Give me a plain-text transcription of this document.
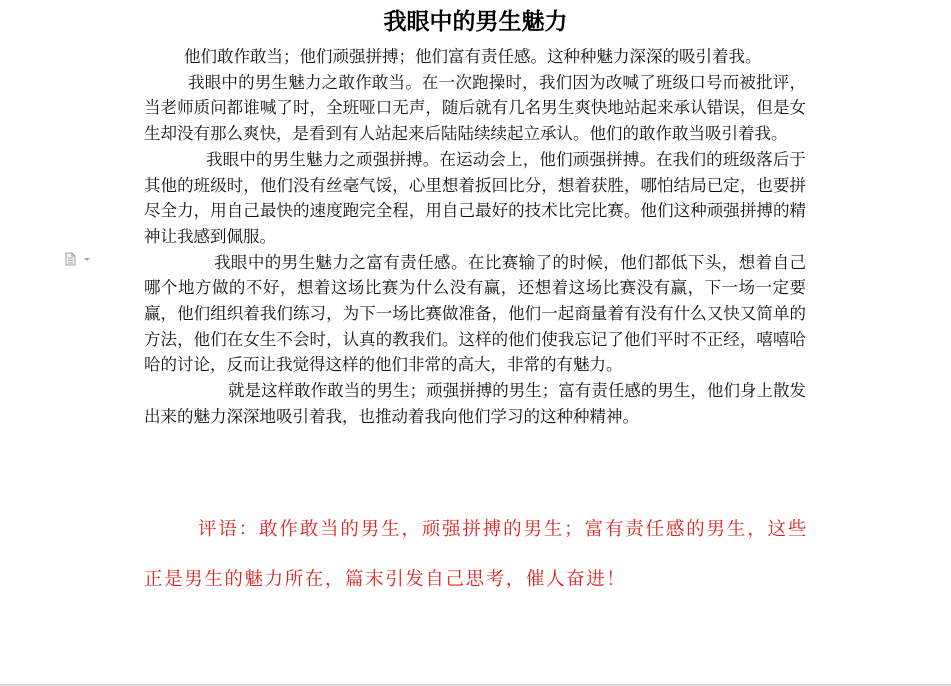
我眼中的男生魅力

他们敢作敢当；他们顽强拼搏；他们富有责任感。这种种魅力深深的吸引着我。

我眼中的男生魅力之敢作敢当。在一次跑操时，我们因为改喊了班级口号而被批评，当老师质问都谁喊了时，全班哑口无声，随后就有几名男生爽快地站起来承认错误，但是女生却没有那么爽快，是看到有人站起来后陆陆续续起立承认。他们的敢作敢当吸引着我。

我眼中的男生魅力之顽强拼搏。在运动会上，他们顽强拼搏。在我们的班级落后于其他的班级时，他们没有丝毫气馁，心里想着扳回比分，想着获胜，哪怕结局已定，也要拼尽全力，用自己最快的速度跑完全程，用自己最好的技术比完比赛。他们这种顽强拼搏的精神让我感到佩服。

我眼中的男生魅力之富有责任感。在比赛输了的时候，他们都低下头，想着自己哪个地方做的不好，想着这场比赛为什么没有赢，还想着这场比赛没有赢，下一场一定要赢，他们组织着我们练习，为下一场比赛做准备，他们一起商量着有没有什么又快又简单的方法，他们在女生不会时，认真的教我们。这样的他们使我忘记了他们平时不正经，嘻嘻哈哈的讨论，反而让我觉得这样的他们非常的高大，非常的有魅力。

就是这样敢作敢当的男生；顽强拼搏的男生；富有责任感的男生，他们身上散发出来的魅力深深地吸引着我，也推动着我向他们学习的这种种精神。

评语：敢作敢当的男生，顽强拼搏的男生；富有责任感的男生，这些正是男生的魅力所在，篇末引发自己思考，催人奋进！
